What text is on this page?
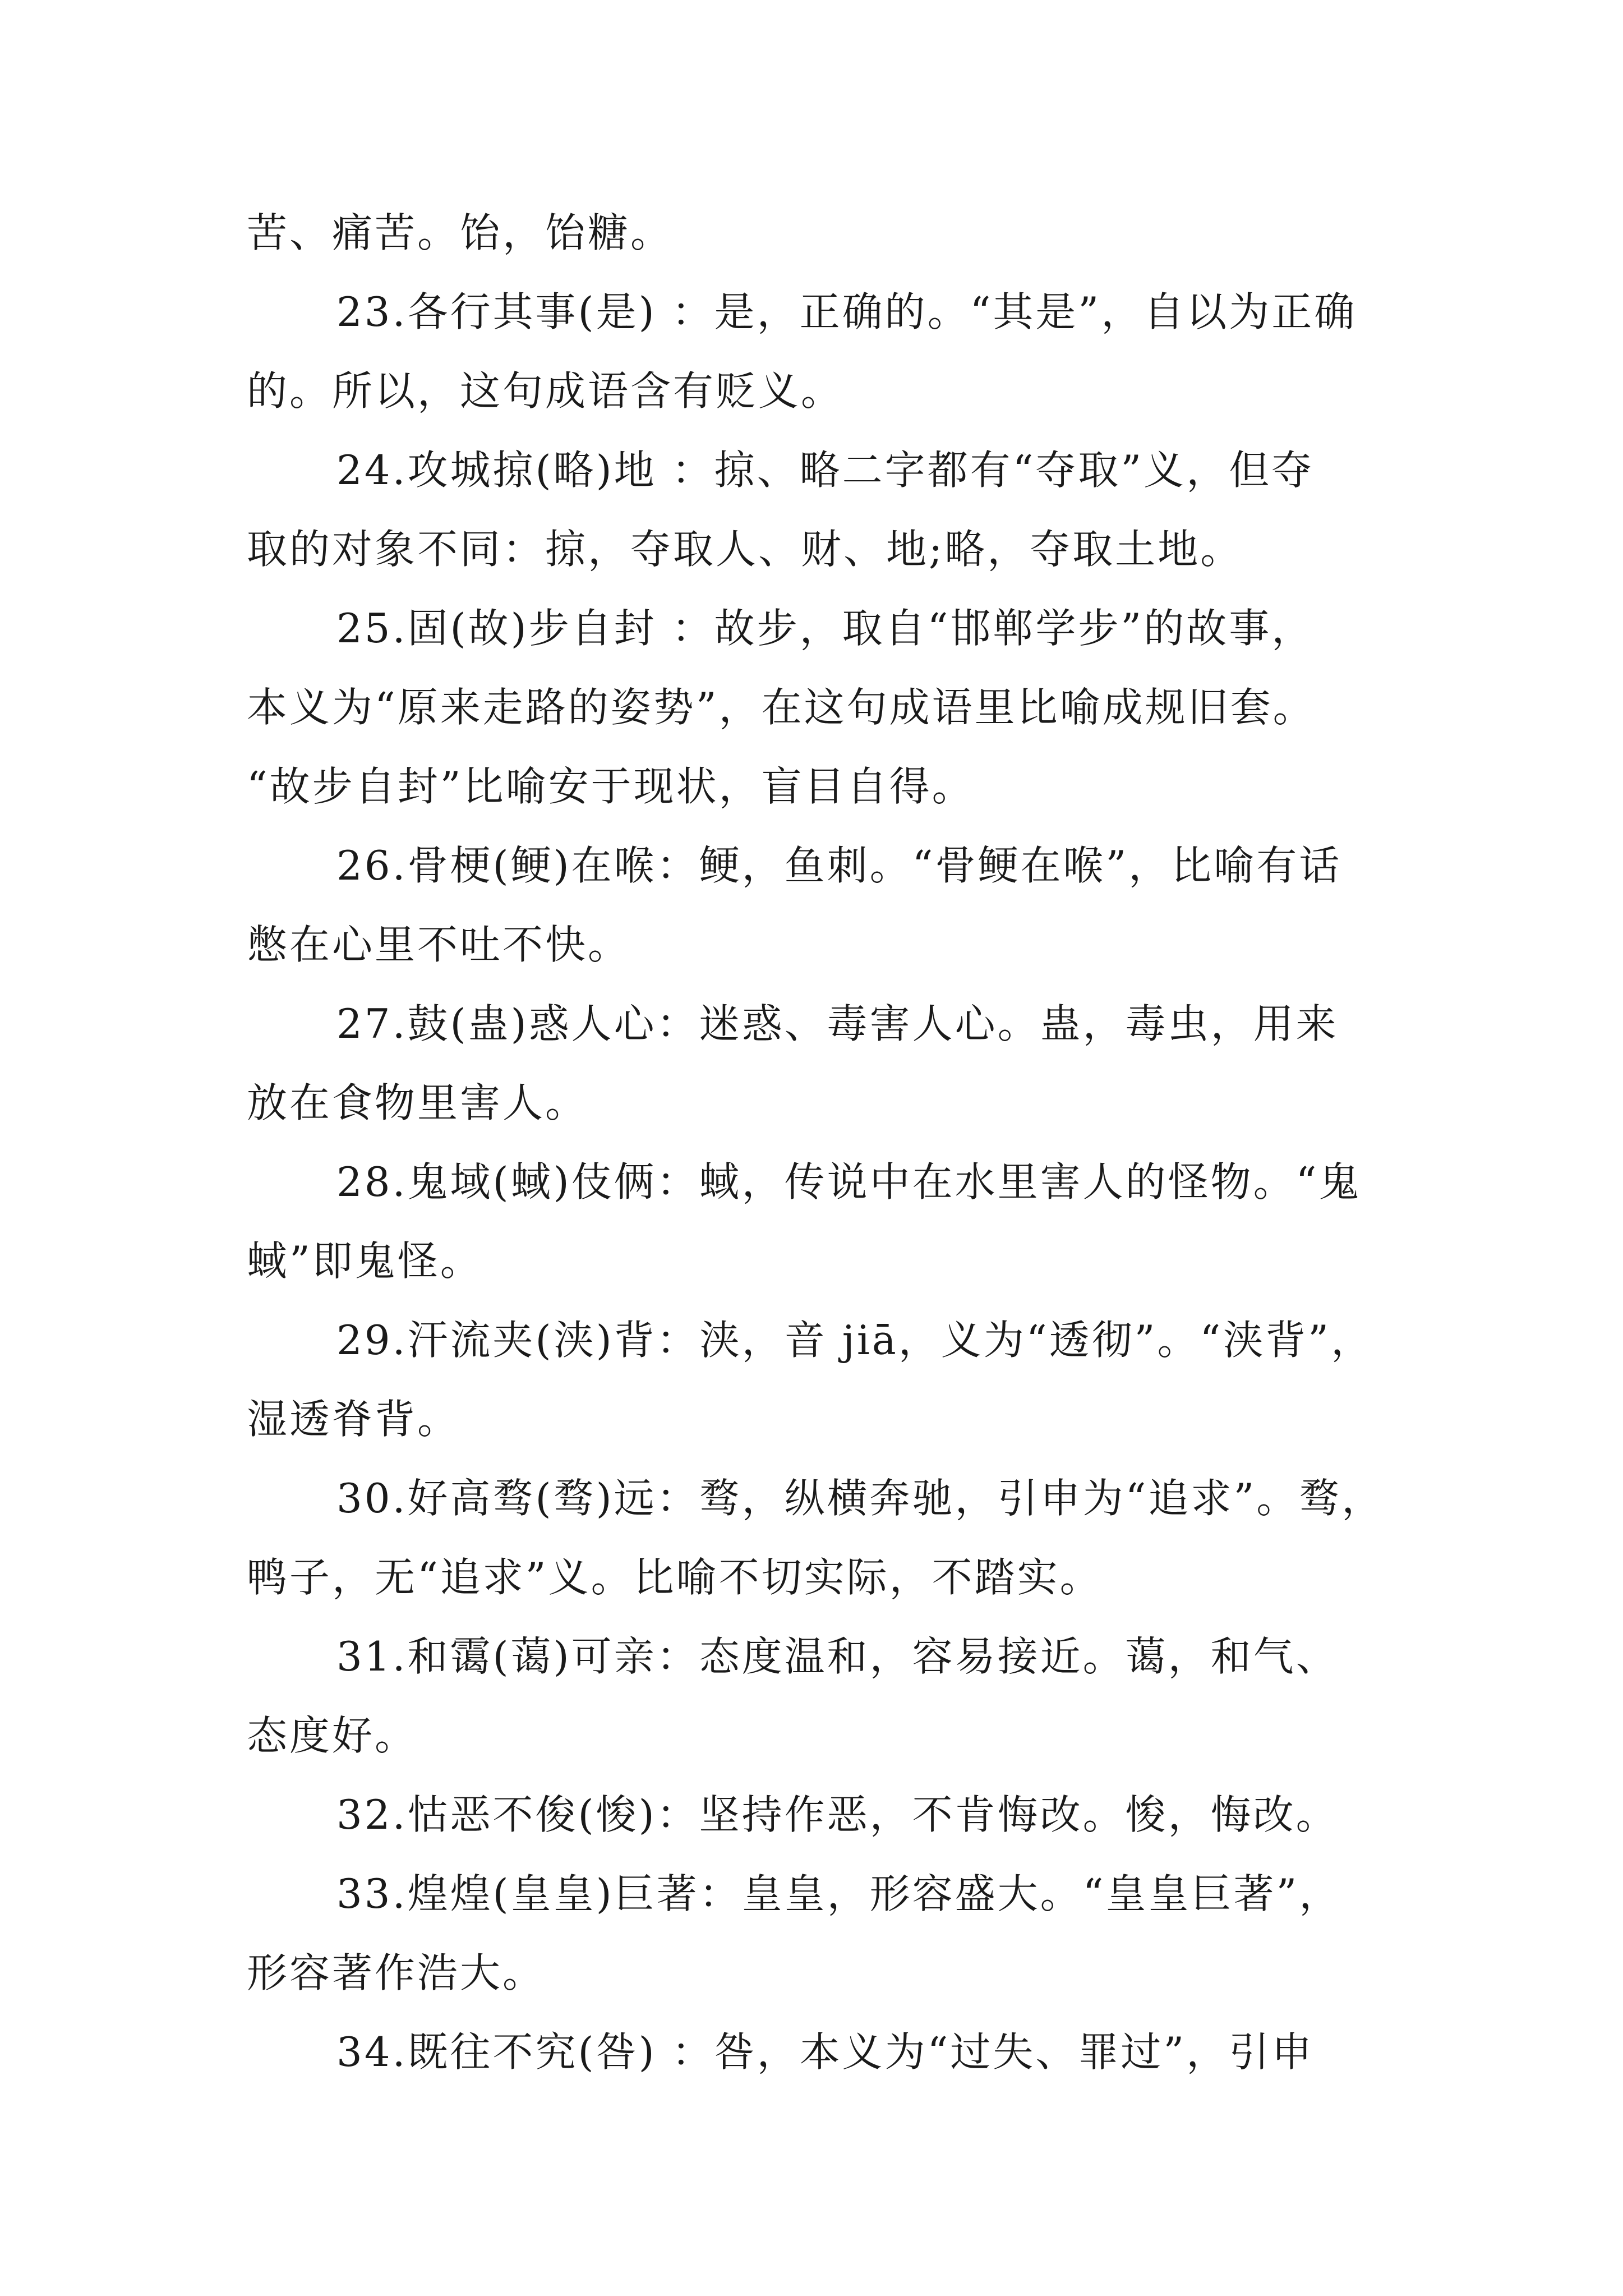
苦、痛苦。饴，饴糖。
23.各行其事(是) ：是，正确的。“其是”，自以为正确
的。所以，这句成语含有贬义。
24.攻城掠(略)地 ：掠、略二字都有“夺取”义，但夺
取的对象不同：掠，夺取人、财、地;略，夺取土地。
25.固(故)步自封 ：故步，取自“邯郸学步”的故事，
本义为“原来走路的姿势”，在这句成语里比喻成规旧套。
“故步自封”比喻安于现状，盲目自得。
26.骨梗(鲠)在喉：鲠，鱼刺。“骨鲠在喉”，比喻有话
憋在心里不吐不快。
27.鼓(蛊)惑人心：迷惑、毒害人心。蛊，毒虫，用来
放在食物里害人。
28.鬼域(蜮)伎俩：蜮，传说中在水里害人的怪物。“鬼
蜮”即鬼怪。
29.汗流夹(浃)背：浃，音 jiā，义为“透彻”。“浃背”，
湿透脊背。
30.好高骛(骛)远：骛，纵横奔驰，引申为“追求”。骛，
鸭子，无“追求”义。比喻不切实际，不踏实。
31.和霭(蔼)可亲：态度温和，容易接近。蔼，和气、
态度好。
32.怙恶不俊(悛)：坚持作恶，不肯悔改。悛，悔改。
33.煌煌(皇皇)巨著：皇皇，形容盛大。“皇皇巨著”，
形容著作浩大。
34.既往不究(咎) ：咎，本义为“过失、罪过”，引申
